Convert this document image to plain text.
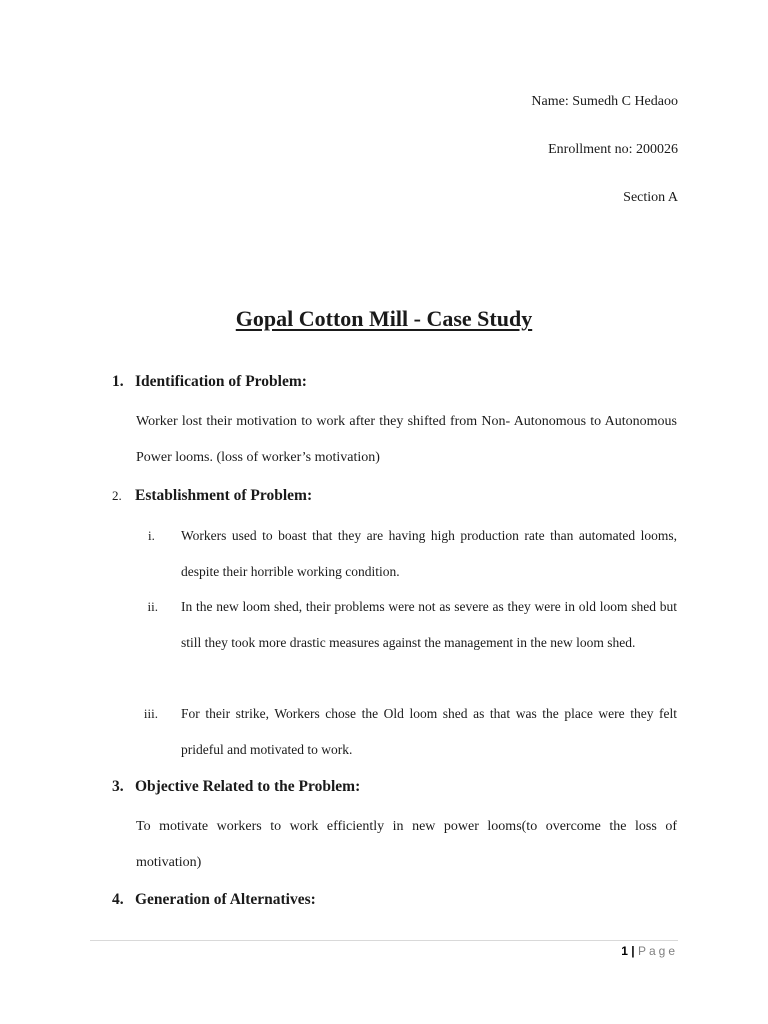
Name: Sumedh C Hedaoo
Enrollment no: 200026
Section A
Gopal Cotton Mill - Case Study
1. Identification of Problem:

Worker lost their motivation to work after they shifted from Non- Autonomous to Autonomous Power looms. (loss of worker’s motivation)

2. Establishment of Problem:
i. Workers used to boast that they are having high production rate than automated looms, despite their horrible working condition.
ii. In the new loom shed, their problems were not as severe as they were in old loom shed but still they took more drastic measures against the management in the new loom shed.
iii. For their strike, Workers chose the Old loom shed as that was the place were they felt prideful and motivated to work.
3. Objective Related to the Problem:

To motivate workers to work efficiently in new power looms(to overcome the loss of motivation)

4. Generation of Alternatives:
1 | Page
